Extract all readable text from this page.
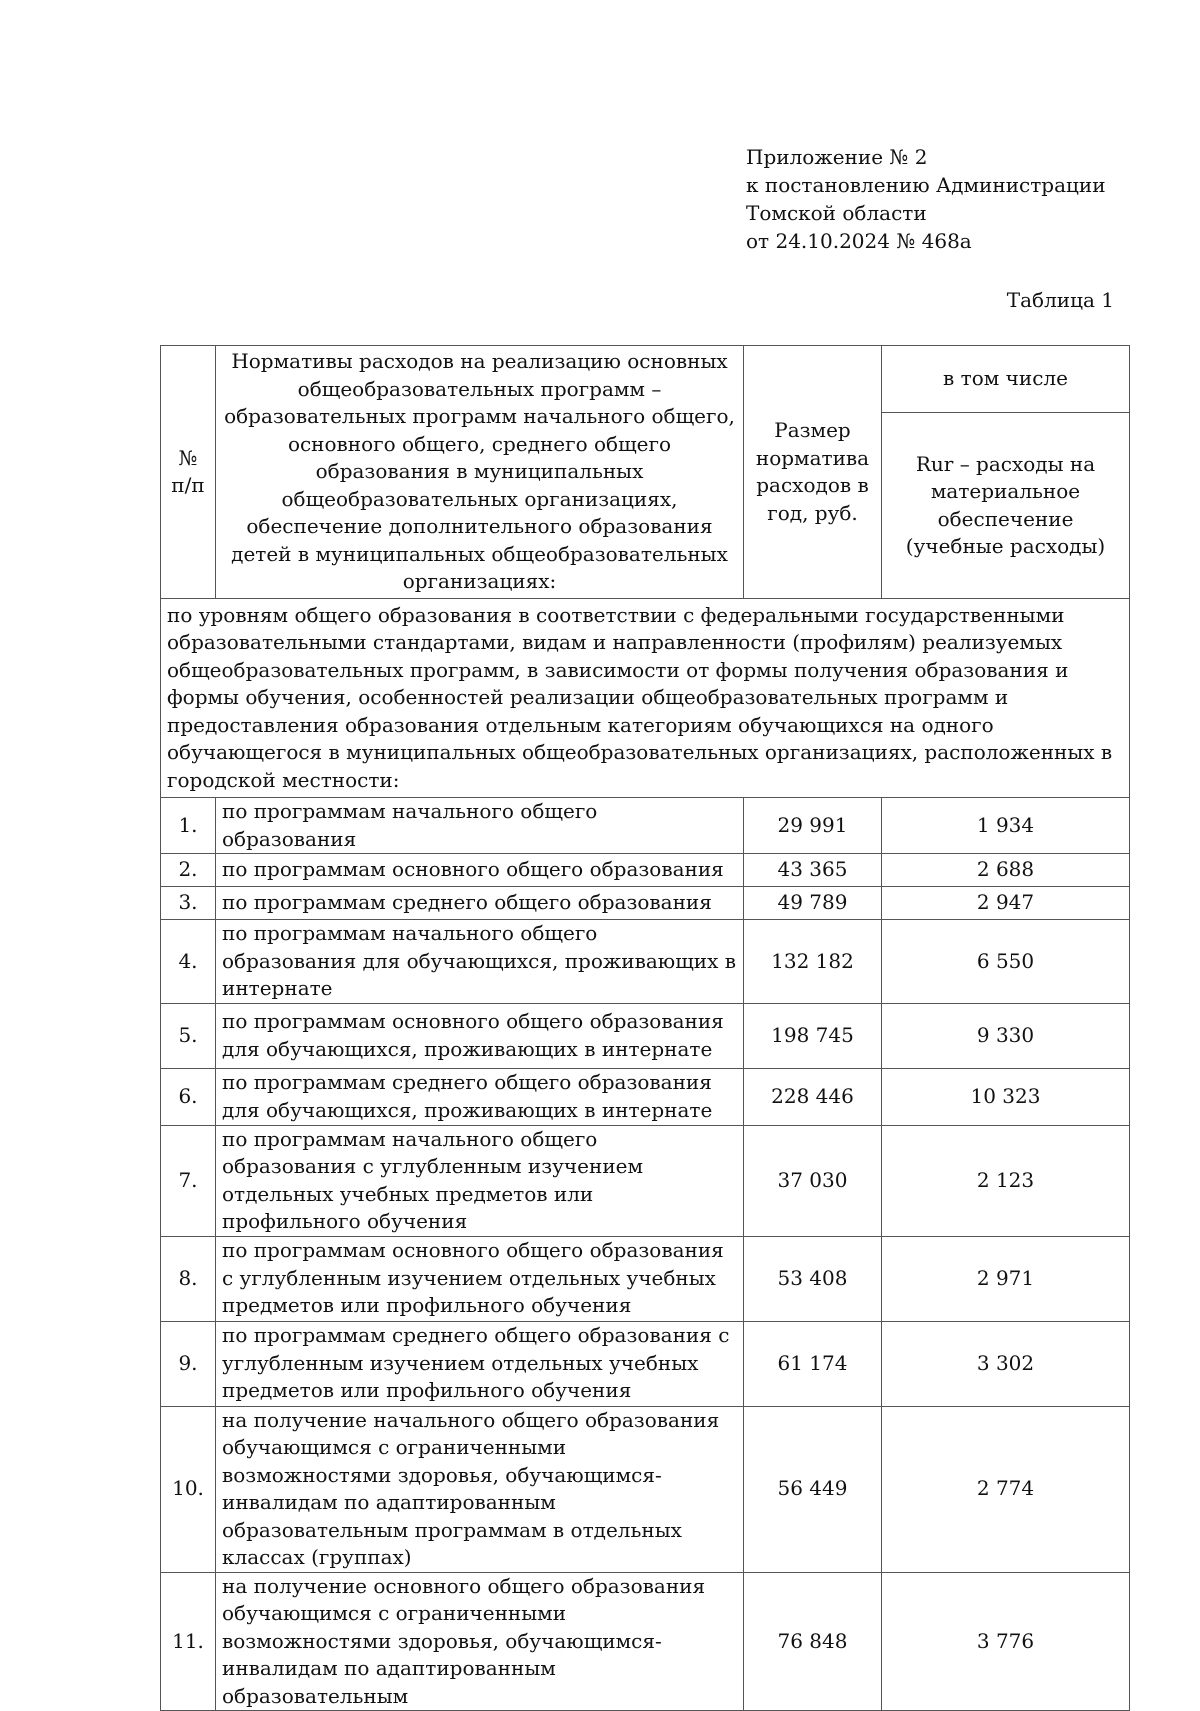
Приложение № 2
к постановлению Администрации
Томской области
от 24.10.2024 № 468а
Таблица 1
№ п/п	Нормативы расходов на реализацию основных общеобразовательных программ – образовательных программ начального общего, основного общего, среднего общего образования в муниципальных общеобразовательных организациях, обеспечение дополнительного образования детей в муниципальных общеобразовательных организациях:	Размер норматива расходов в год, руб.	в том числе
			Rur – расходы на материальное обеспечение (учебные расходы)
по уровням общего образования в соответствии с федеральными государственными образовательными стандартами, видам и направленности (профилям) реализуемых общеобразовательных программ, в зависимости от формы получения образования и формы обучения, особенностей реализации общеобразовательных программ и предоставления образования отдельным категориям обучающихся на одного обучающегося в муниципальных общеобразовательных организациях, расположенных в городской местности:			
1.	по программам начального общего образования	29 991	1 934
2.	по программам основного общего образования	43 365	2 688
3.	по программам среднего общего образования	49 789	2 947
4.	по программам начального общего образования для обучающихся, проживающих в интернате	132 182	6 550
5.	по программам основного общего образования для обучающихся, проживающих в интернате	198 745	9 330
6.	по программам среднего общего образования для обучающихся, проживающих в интернате	228 446	10 323
7.	по программам начального общего образования с углубленным изучением отдельных учебных предметов или профильного обучения	37 030	2 123
8.	по программам основного общего образования с углубленным изучением отдельных учебных предметов или профильного обучения	53 408	2 971
9.	по программам среднего общего образования с углубленным изучением отдельных учебных предметов или профильного обучения	61 174	3 302
10.	на получение начального общего образования обучающимся с ограниченными возможностями здоровья, обучающимся-инвалидам по адаптированным образовательным программам в отдельных классах (группах)	56 449	2 774
11.	на получение основного общего образования обучающимся с ограниченными возможностями здоровья, обучающимся-инвалидам по адаптированным образовательным	76 848	3 776
